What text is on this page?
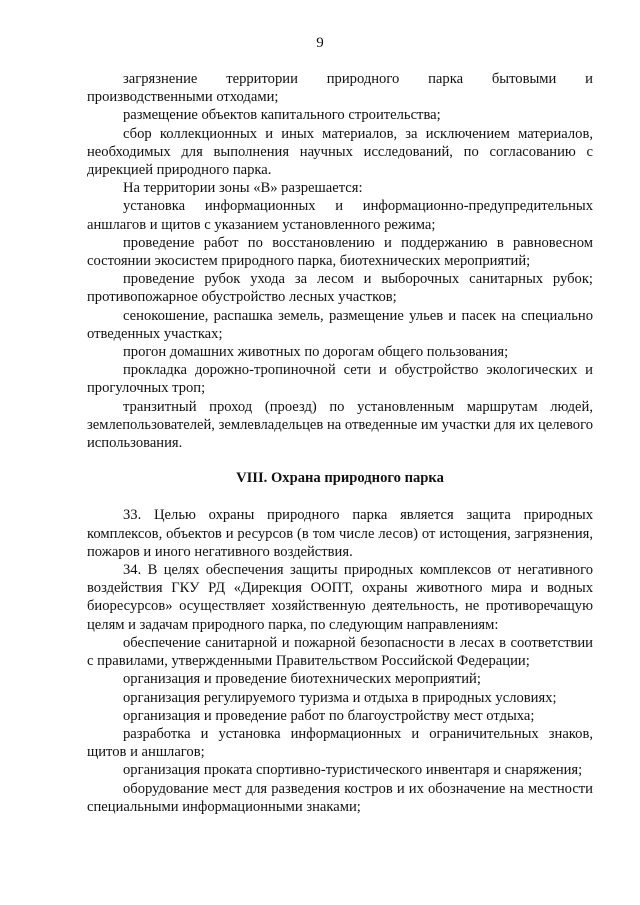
9

загрязнение территории природного парка бытовыми и производственными отходами;

размещение объектов капитального строительства;

сбор коллекционных и иных материалов, за исключением материалов, необходимых для выполнения научных исследований, по согласованию с дирекцией природного парка.

На территории зоны «В» разрешается:

установка информационных и информационно-предупредительных аншлагов и щитов с указанием установленного режима;

проведение работ по восстановлению и поддержанию в равновесном состоянии экосистем природного парка, биотехнических мероприятий;

проведение рубок ухода за лесом и выборочных санитарных рубок; противопожарное обустройство лесных участков;

сенокошение, распашка земель, размещение ульев и пасек на специально отведенных участках;

прогон домашних животных по дорогам общего пользования;

прокладка дорожно-тропиночной сети и обустройство экологических и прогулочных троп;

транзитный проход (проезд) по установленным маршрутам людей, землепользователей, землевладельцев на отведенные им участки для их целевого использования.

VIII. Охрана природного парка

33. Целью охраны природного парка является защита природных комплексов, объектов и ресурсов (в том числе лесов) от истощения, загрязнения, пожаров и иного негативного воздействия.

34. В целях обеспечения защиты природных комплексов от негативного воздействия ГКУ РД «Дирекция ООПТ, охраны животного мира и водных биоресурсов» осуществляет хозяйственную деятельность, не противоречащую целям и задачам природного парка, по следующим направлениям:

обеспечение санитарной и пожарной безопасности в лесах в соответствии с правилами, утвержденными Правительством Российской Федерации;

организация и проведение биотехнических мероприятий;

организация регулируемого туризма и отдыха в природных условиях;

организация и проведение работ по благоустройству мест отдыха;

разработка и установка информационных и ограничительных знаков, щитов и аншлагов;

организация проката спортивно-туристического инвентаря и снаряжения;

оборудование мест для разведения костров и их обозначение на местности специальными информационными знаками;
